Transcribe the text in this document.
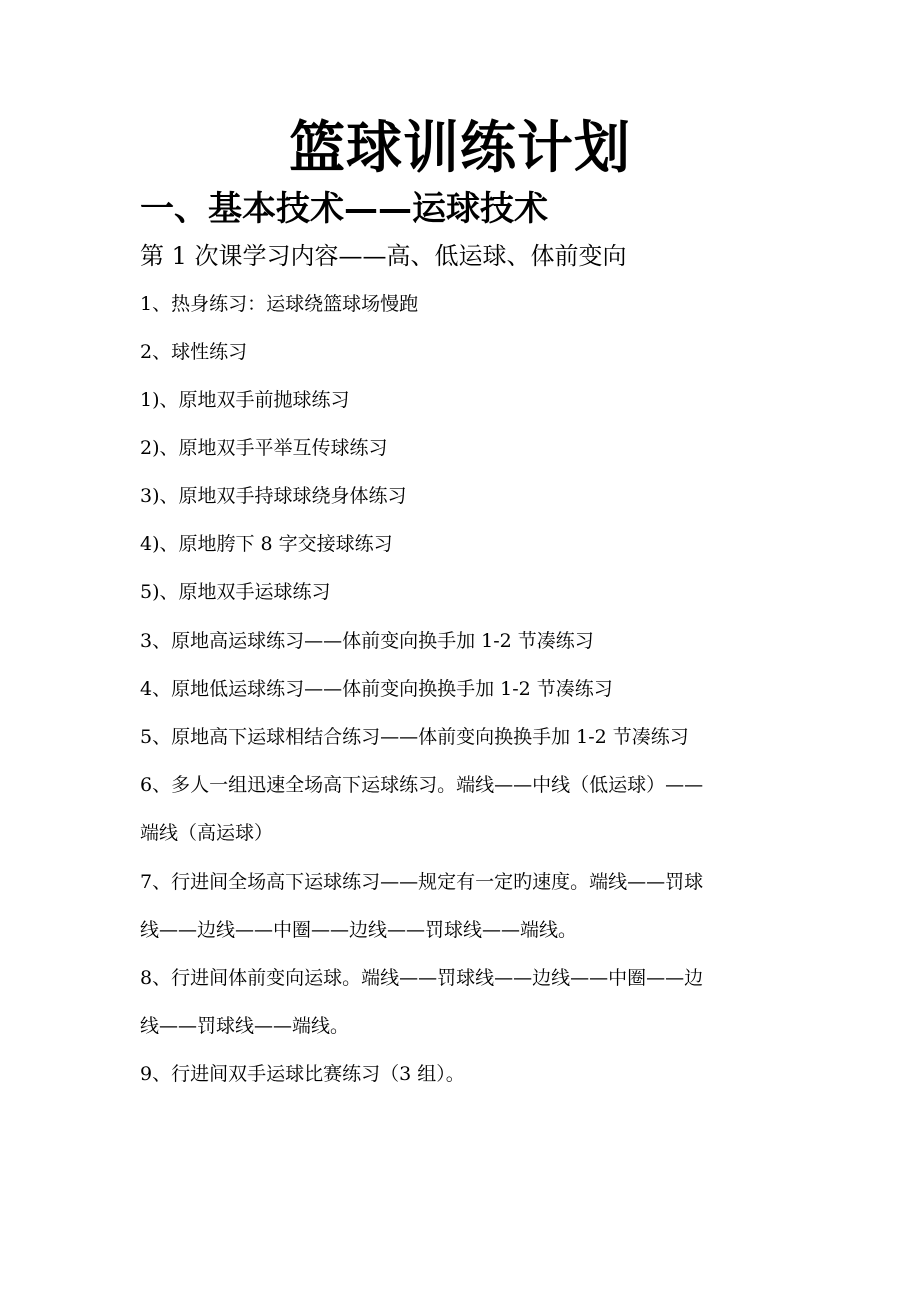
篮球训练计划
一、基本技术——运球技术
第 1 次课学习内容——高、低运球、体前变向
1、热身练习：运球绕篮球场慢跑
2、球性练习
1)、原地双手前抛球练习
2)、原地双手平举互传球练习
3)、原地双手持球球绕身体练习
4)、原地胯下 8 字交接球练习
5)、原地双手运球练习
3、原地高运球练习——体前变向换手加 1-2 节凑练习
4、原地低运球练习——体前变向换换手加 1-2 节凑练习
5、原地高下运球相结合练习——体前变向换换手加 1-2 节凑练习
6、多人一组迅速全场高下运球练习。端线——中线（低运球）——
端线（高运球）
7、行进间全场高下运球练习——规定有一定旳速度。端线——罚球
线——边线——中圈——边线——罚球线——端线。
8、行进间体前变向运球。端线——罚球线——边线——中圈——边
线——罚球线——端线。
9、行进间双手运球比赛练习（3 组）。
